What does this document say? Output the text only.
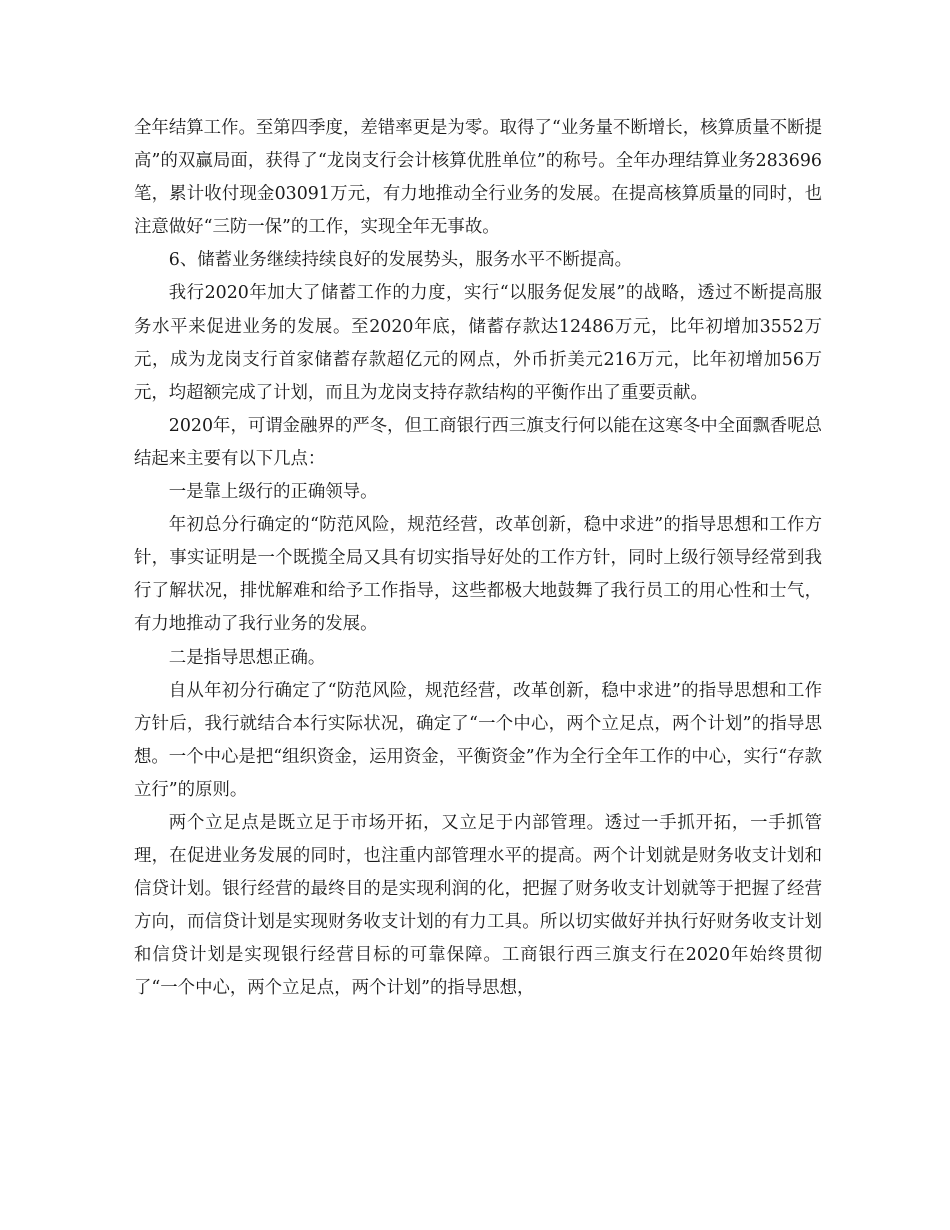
全年结算工作。至第四季度，差错率更是为零。取得了“业务量不断增长，核算质量不断提高”的双赢局面，获得了“龙岗支行会计核算优胜单位”的称号。全年办理结算业务283696笔，累计收付现金03091万元，有力地推动全行业务的发展。在提高核算质量的同时，也注意做好“三防一保”的工作，实现全年无事故。

6、储蓄业务继续持续良好的发展势头，服务水平不断提高。

我行2020年加大了储蓄工作的力度，实行“以服务促发展”的战略，透过不断提高服务水平来促进业务的发展。至2020年底，储蓄存款达12486万元，比年初增加3552万元，成为龙岗支行首家储蓄存款超亿元的网点，外币折美元216万元，比年初增加56万元，均超额完成了计划，而且为龙岗支持存款结构的平衡作出了重要贡献。

2020年，可谓金融界的严冬，但工商银行西三旗支行何以能在这寒冬中全面飘香呢总结起来主要有以下几点：

一是靠上级行的正确领导。

年初总分行确定的“防范风险，规范经营，改革创新，稳中求进”的指导思想和工作方针，事实证明是一个既揽全局又具有切实指导好处的工作方针，同时上级行领导经常到我行了解状况，排忧解难和给予工作指导，这些都极大地鼓舞了我行员工的用心性和士气，有力地推动了我行业务的发展。

二是指导思想正确。

自从年初分行确定了“防范风险，规范经营，改革创新，稳中求进”的指导思想和工作方针后，我行就结合本行实际状况，确定了“一个中心，两个立足点，两个计划”的指导思想。一个中心是把“组织资金，运用资金，平衡资金”作为全行全年工作的中心，实行“存款立行”的原则。

两个立足点是既立足于市场开拓，又立足于内部管理。透过一手抓开拓，一手抓管理，在促进业务发展的同时，也注重内部管理水平的提高。两个计划就是财务收支计划和信贷计划。银行经营的最终目的是实现利润的化，把握了财务收支计划就等于把握了经营方向，而信贷计划是实现财务收支计划的有力工具。所以切实做好并执行好财务收支计划和信贷计划是实现银行经营目标的可靠保障。工商银行西三旗支行在2020年始终贯彻了“一个中心，两个立足点，两个计划”的指导思想，
